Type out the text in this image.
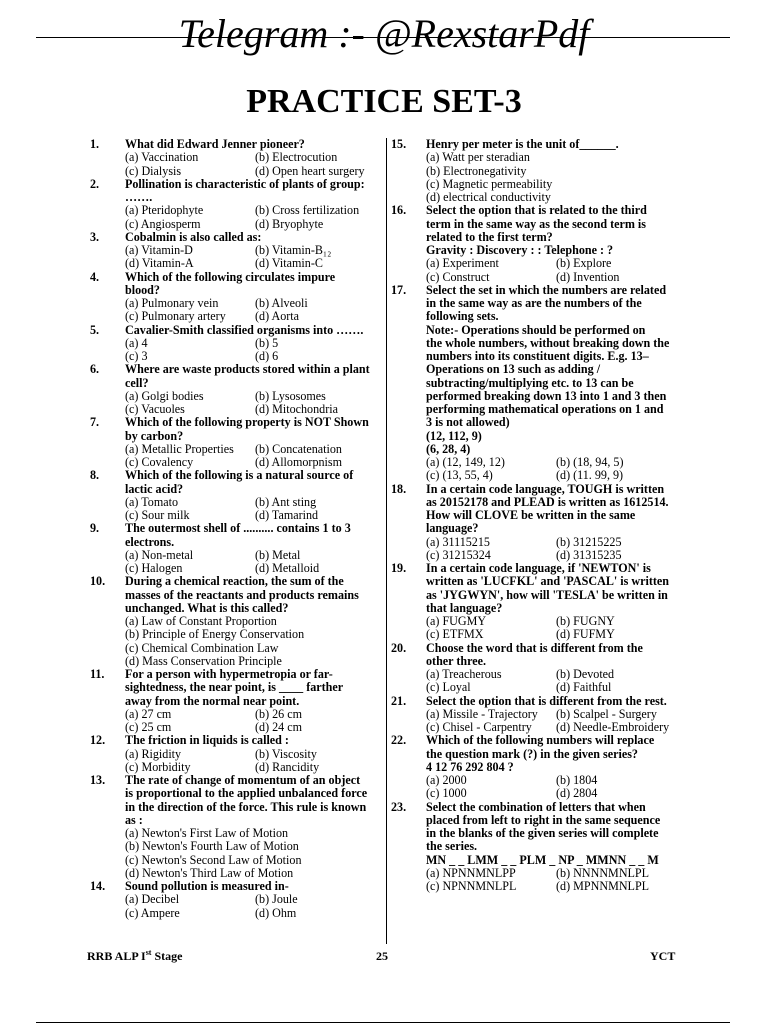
Telegram :- @RexstarPdf
PRACTICE SET-3
1. What did Edward Jenner pioneer?
(a) Vaccination	(b) Electrocution
(c) Dialysis	(d) Open heart surgery
2. Pollination is characteristic of plants of group:
…….
(a) Pteridophyte	(b) Cross fertilization
(c) Angiosperm	(d) Bryophyte
3. Cobalmin is also called as:
(a) Vitamin-D	(b) Vitamin-B₁₂
(d) Vitamin-A	(d) Vitamin-C
4. Which of the following circulates impure
blood?
(a) Pulmonary vein	(b) Alveoli
(c) Pulmonary artery	(d) Aorta
5. Cavalier-Smith classified organisms into …….
(a) 4	(b) 5
(c) 3	(d) 6
6. Where are waste products stored within a plant
cell?
(a) Golgi bodies	(b) Lysosomes
(c) Vacuoles	(d) Mitochondria
7. Which of the following property is NOT Shown
by carbon?
(a) Metallic Properties	(b) Concatenation
(c) Covalency	(d) Allomorpnism
8. Which of the following is a natural source of
lactic acid?
(a) Tomato	(b) Ant sting
(c) Sour milk	(d) Tamarind
9. The outermost shell of .......... contains 1 to 3
electrons.
(a) Non-metal	(b) Metal
(c) Halogen	(d) Metalloid
10. During a chemical reaction, the sum of the
masses of the reactants and products remains
unchanged. What is this called?
(a) Law of Constant Proportion
(b) Principle of Energy Conservation
(c) Chemical Combination Law
(d) Mass Conservation Principle
11. For a person with hypermetropia or far-
sightedness, the near point, is ____ farther
away from the normal near point.
(a) 27 cm	(b) 26 cm
(c) 25 cm	(d) 24 cm
12. The friction in liquids is called :
(a) Rigidity	(b) Viscosity
(c) Morbidity	(d) Rancidity
13. The rate of change of momentum of an object
is proportional to the applied unbalanced force
in the direction of the force. This rule is known
as :
(a) Newton's First Law of Motion
(b) Newton's Fourth Law of Motion
(c) Newton's Second Law of Motion
(d) Newton's Third Law of Motion
14. Sound pollution is measured in-
(a) Decibel	(b) Joule
(c) Ampere	(d) Ohm
15. Henry per meter is the unit of______.
(a) Watt per steradian
(b) Electronegativity
(c) Magnetic permeability
(d) electrical conductivity
16. Select the option that is related to the third
term in the same way as the second term is
related to the first term?
Gravity : Discovery : : Telephone : ?
(a) Experiment	(b) Explore
(c) Construct	(d) Invention
17. Select the set in which the numbers are related
in the same way as are the numbers of the
following sets.
Note:- Operations should be performed on
the whole numbers, without breaking down the
numbers into its constituent digits. E.g. 13–
Operations on 13 such as adding /
subtracting/multiplying etc. to 13 can be
performed breaking down 13 into 1 and 3 then
performing mathematical operations on 1 and
3 is not allowed)
(12, 112, 9)
(6, 28, 4)
(a) (12, 149, 12)	(b) (18, 94, 5)
(c) (13, 55, 4)	(d) (11. 99, 9)
18. In a certain code language, TOUGH is written
as 20152178 and PLEAD is written as 1612514.
How will CLOVE be written in the same
language?
(a) 31115215	(b) 31215225
(c) 31215324	(d) 31315235
19. In a certain code language, if 'NEWTON' is
written as 'LUCFKL' and 'PASCAL' is written
as 'JYGWYN', how will 'TESLA' be written in
that language?
(a) FUGMY	(b) FUGNY
(c) ETFMX	(d) FUFMY
20. Choose the word that is different from the
other three.
(a) Treacherous	(b) Devoted
(c) Loyal	(d) Faithful
21. Select the option that is different from the rest.
(a) Missile - Trajectory	(b) Scalpel - Surgery
(c) Chisel - Carpentry	(d) Needle-Embroidery
22. Which of the following numbers will replace
the question mark (?) in the given series?
4 12 76 292 804 ?
(a) 2000	(b) 1804
(c) 1000	(d) 2804
23. Select the combination of letters that when
placed from left to right in the same sequence
in the blanks of the given series will complete
the series.
MN _ _ LMM _ _ PLM _ NP _ MMNN _ _ M
(a) NPNNMNLPP	(b) NNNNMNLPL
(c) NPNNMNLPL	(d) MPNNMNLPL
RRB ALP Ist Stage	25	YCT
